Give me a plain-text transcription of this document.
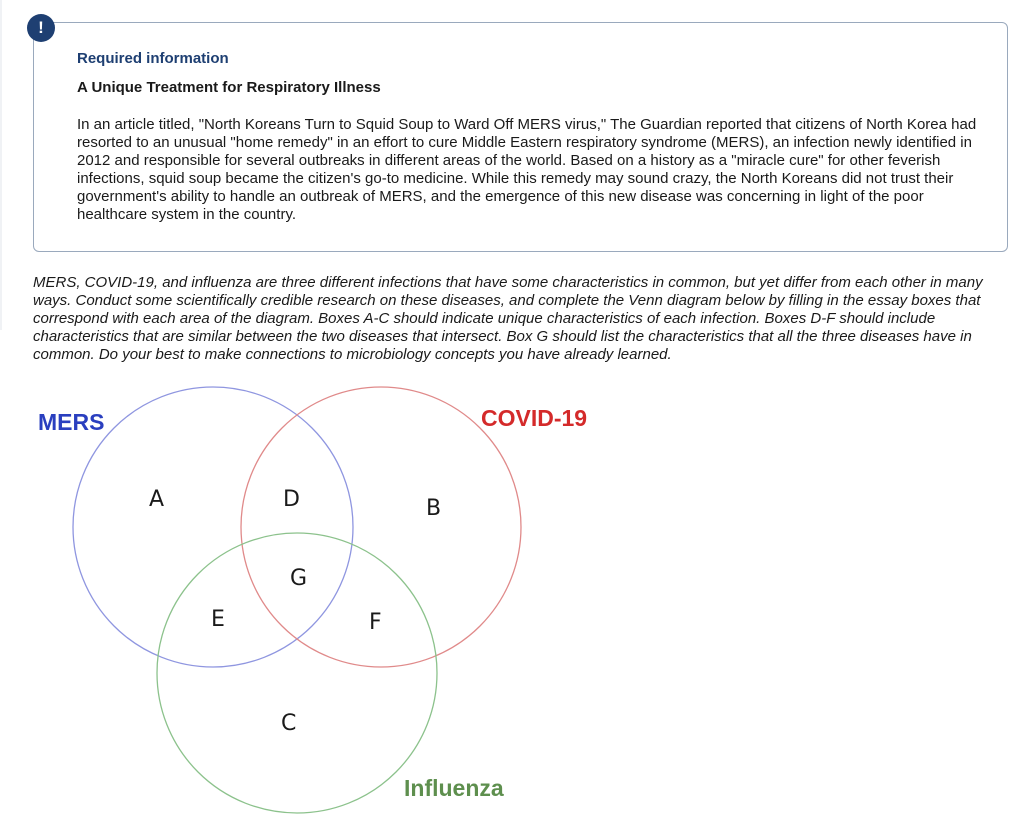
!
Required information
A Unique Treatment for Respiratory Illness

In an article titled, "North Koreans Turn to Squid Soup to Ward Off MERS virus," The Guardian reported that citizens of North Korea had resorted to an unusual "home remedy" in an effort to cure Middle Eastern respiratory syndrome (MERS), an infection newly identified in 2012 and responsible for several outbreaks in different areas of the world. Based on a history as a "miracle cure" for other feverish infections, squid soup became the citizen's go-to medicine. While this remedy may sound crazy, the North Koreans did not trust their government's ability to handle an outbreak of MERS, and the emergence of this new disease was concerning in light of the poor healthcare system in the country.

MERS, COVID-19, and influenza are three different infections that have some characteristics in common, but yet differ from each other in many ways. Conduct some scientifically credible research on these diseases, and complete the Venn diagram below by filling in the essay boxes that correspond with each area of the diagram. Boxes A-C should indicate unique characteristics of each infection. Boxes D-F should include characteristics that are similar between the two diseases that intersect. Box G should list the characteristics that all the three diseases have in common. Do your best to make connections to microbiology concepts you have already learned.

MERS	COVID-19
Influenza
A	D	B
G
E	F
C
